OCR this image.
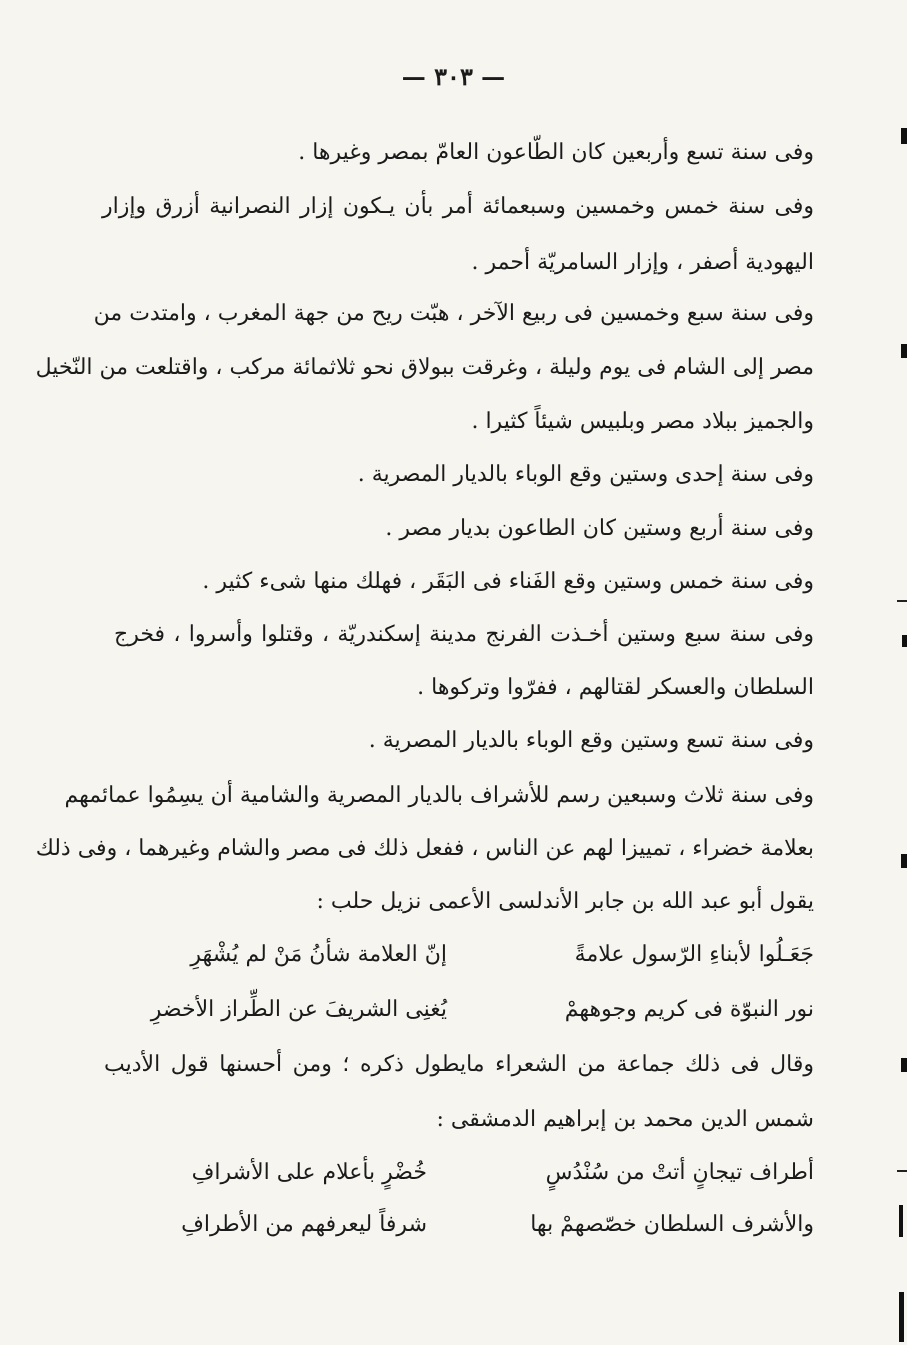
— ٣٠٣ —
وفى سنة تسع وأربعين كان الطّاعون العامّ بمصر وغيرها .
وفى سنة خمس وخمسين وسبعمائة أمر بأن يـكون إزار النصرانية أزرق وإزار
اليهودية أصفر ، وإزار السامريّة أحمر .
وفى سنة سبع وخمسين فى ربيع الآخر ، هبّت ريح من جهة المغرب ، وامتدت من
مصر إلى الشام فى يوم وليلة ، وغرقت ببولاق نحو ثلاثمائة مركب ، واقتلعت من النّخيل
والجميز ببلاد مصر وبلبيس شيئاً كثيرا .
وفى سنة إحدى وستين وقع الوباء بالديار المصرية .
وفى سنة أربع وستين كان الطاعون بديار مصر .
وفى سنة خمس وستين وقع الفَناء فى البَقَر ، فهلك منها شىء كثير .
وفى سنة سبع وستين أخـذت الفرنج مدينة إسكندريّة ، وقتلوا وأسروا ، فخرج
السلطان والعسكر لقتالهم ، ففرّوا وتركوها .
وفى سنة تسع وستين وقع الوباء بالديار المصرية .
وفى سنة ثلاث وسبعين رسم للأشراف بالديار المصرية والشامية أن يسِمُوا عمائمهم
بعلامة خضراء ، تمييزا لهم عن الناس ، ففعل ذلك فى مصر والشام وغيرهما ، وفى ذلك
يقول أبو عبد الله بن جابر الأندلسى الأعمى نزيل حلب :
جَعَـلُوا لأبناءِ الرّسول علامةً
إنّ العلامة شأنُ مَنْ لم يُشْهَرِ
نور النبوّة فى كريم وجوههمْ
يُغنِى الشريفَ عن الطِّراز الأخضرِ
وقال فى ذلك جماعة من الشعراء مايطول ذكره ؛ ومن أحسنها قول الأديب
شمس الدين محمد بن إبراهيم الدمشقى :
أطراف تيجانٍ أتتْ من سُنْدُسٍ
خُضْرٍ بأعلام على الأشرافِ
والأشرف السلطان خصّصهمْ بها
شرفاً ليعرفهم من الأطرافِ
